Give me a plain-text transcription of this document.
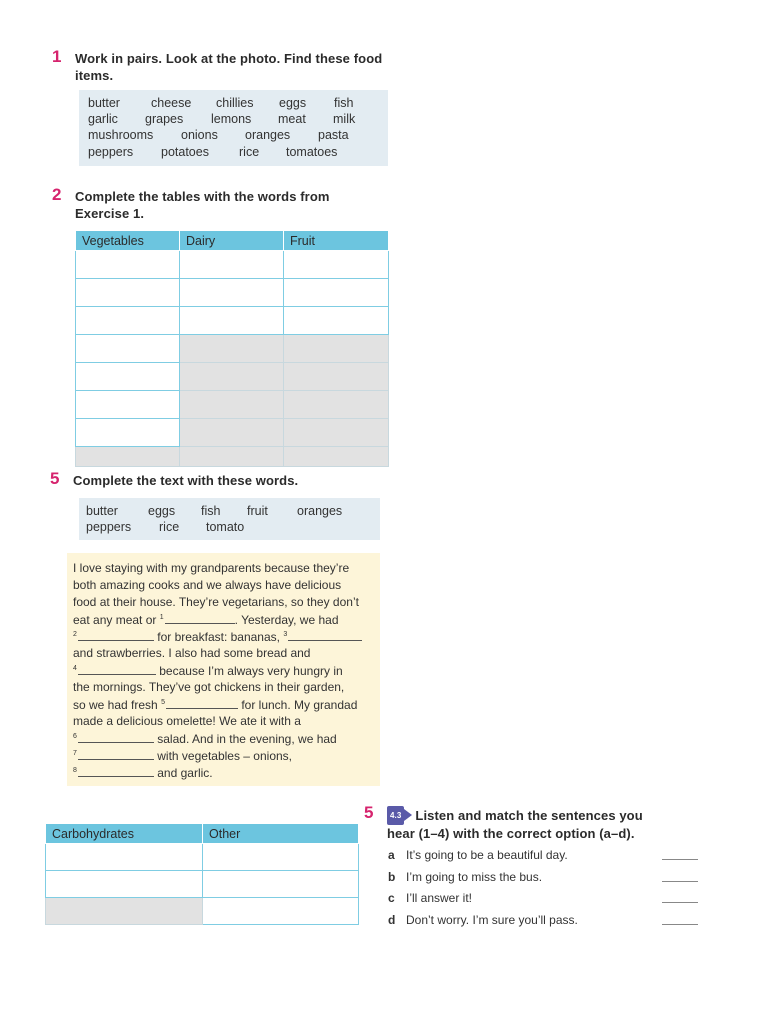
1 Work in pairs. Look at the photo. Find these food
items.
butter cheese chillies eggs fish
garlic grapes lemons meat milk
mushrooms onions oranges pasta
peppers potatoes rice tomatoes
2 Complete the tables with the words from
Exercise 1.
Vegetables	Dairy	Fruit

5 Complete the text with these words.
butter eggs fish fruit oranges
peppers rice tomato
I love staying with my grandparents because they’re
both amazing cooks and we always have delicious
food at their house. They’re vegetarians, so they don’t
eat any meat or $^1$	. Yesterday, we had
$^2$	for breakfast: bananas, $^3$
and strawberries. I also had some bread and
$^4$	because I’m always very hungry in
the mornings. They’ve got chickens in their garden,
so we had fresh $^5$	for lunch. My grandad
made a delicious omelette! We ate it with a
$^6$	salad. And in the evening, we had
$^7$	with vegetables – onions,
$^8$	and garlic.
Carbohydrates	Other

5	4.3 Listen and match the sentences you
hear (1–4) with the correct option (a–d).
a It’s going to be a beautiful day.
b I’m going to miss the bus.
c I’ll answer it!
d Don’t worry. I’m sure you’ll pass.
